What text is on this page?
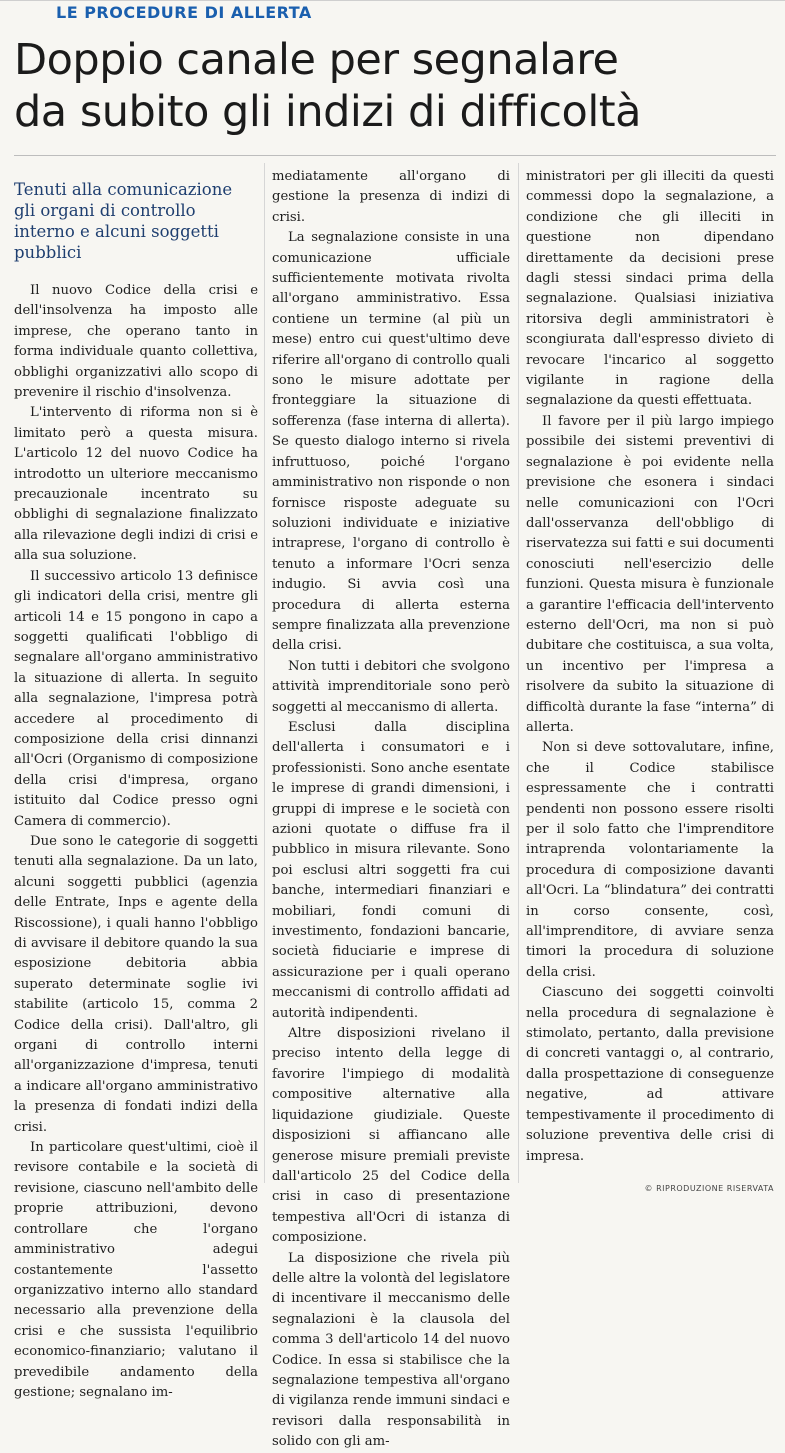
LE PROCEDURE DI ALLERTA
Doppio canale per segnalare
da subito gli indizi di difficoltà
Tenuti alla comunicazione gli organi di controllo interno e alcuni soggetti pubblici

Il nuovo Codice della crisi e dell'insolvenza ha imposto alle imprese, che operano tanto in forma individuale quanto collettiva, obblighi organizzativi allo scopo di prevenire il rischio d'insolvenza.

L'intervento di riforma non si è limitato però a questa misura. L'articolo 12 del nuovo Codice ha introdotto un ulteriore meccanismo precauzionale incentrato su obblighi di segnalazione finalizzato alla rilevazione degli indizi di crisi e alla sua soluzione.

Il successivo articolo 13 definisce gli indicatori della crisi, mentre gli articoli 14 e 15 pongono in capo a soggetti qualificati l'obbligo di segnalare all'organo amministrativo la situazione di allerta. In seguito alla segnalazione, l'impresa potrà accedere al procedimento di composizione della crisi dinnanzi all'Ocri (Organismo di composizione della crisi d'impresa, organo istituito dal Codice presso ogni Camera di commercio).

Due sono le categorie di soggetti tenuti alla segnalazione. Da un lato, alcuni soggetti pubblici (agenzia delle Entrate, Inps e agente della Riscossione), i quali hanno l'obbligo di avvisare il debitore quando la sua esposizione debitoria abbia superato determinate soglie ivi stabilite (articolo 15, comma 2 Codice della crisi). Dall'altro, gli organi di controllo interni all'organizzazione d'impresa, tenuti a indicare all'organo amministrativo la presenza di fondati indizi della crisi.

In particolare quest'ultimi, cioè il revisore contabile e la società di revisione, ciascuno nell'ambito delle proprie attribuzioni, devono controllare che l'organo amministrativo adegui costantemente l'assetto organizzativo interno allo standard necessario alla prevenzione della crisi e che sussista l'equilibrio economico-finanziario; valutano il prevedibile andamento della gestione; segnalano im-

mediatamente all'organo di gestione la presenza di indizi di crisi.

La segnalazione consiste in una comunicazione ufficiale sufficientemente motivata rivolta all'organo amministrativo. Essa contiene un termine (al più un mese) entro cui quest'ultimo deve riferire all'organo di controllo quali sono le misure adottate per fronteggiare la situazione di sofferenza (fase interna di allerta). Se questo dialogo interno si rivela infruttuoso, poiché l'organo amministrativo non risponde o non fornisce risposte adeguate su soluzioni individuate e iniziative intraprese, l'organo di controllo è tenuto a informare l'Ocri senza indugio. Si avvia così una procedura di allerta esterna sempre finalizzata alla prevenzione della crisi.

Non tutti i debitori che svolgono attività imprenditoriale sono però soggetti al meccanismo di allerta.

Esclusi dalla disciplina dell'allerta i consumatori e i professionisti. Sono anche esentate le imprese di grandi dimensioni, i gruppi di imprese e le società con azioni quotate o diffuse fra il pubblico in misura rilevante. Sono poi esclusi altri soggetti fra cui banche, intermediari finanziari e mobiliari, fondi comuni di investimento, fondazioni bancarie, società fiduciarie e imprese di assicurazione per i quali operano meccanismi di controllo affidati ad autorità indipendenti.

Altre disposizioni rivelano il preciso intento della legge di favorire l'impiego di modalità compositive alternative alla liquidazione giudiziale. Queste disposizioni si affiancano alle generose misure premiali previste dall'articolo 25 del Codice della crisi in caso di presentazione tempestiva all'Ocri di istanza di composizione.

La disposizione che rivela più delle altre la volontà del legislatore di incentivare il meccanismo delle segnalazioni è la clausola del comma 3 dell'articolo 14 del nuovo Codice. In essa si stabilisce che la segnalazione tempestiva all'organo di vigilanza rende immuni sindaci e revisori dalla responsabilità in solido con gli am-

ministratori per gli illeciti da questi commessi dopo la segnalazione, a condizione che gli illeciti in questione non dipendano direttamente da decisioni prese dagli stessi sindaci prima della segnalazione. Qualsiasi iniziativa ritorsiva degli amministratori è scongiurata dall'espresso divieto di revocare l'incarico al soggetto vigilante in ragione della segnalazione da questi effettuata.

Il favore per il più largo impiego possibile dei sistemi preventivi di segnalazione è poi evidente nella previsione che esonera i sindaci nelle comunicazioni con l'Ocri dall'osservanza dell'obbligo di riservatezza sui fatti e sui documenti conosciuti nell'esercizio delle funzioni. Questa misura è funzionale a garantire l'efficacia dell'intervento esterno dell'Ocri, ma non si può dubitare che costituisca, a sua volta, un incentivo per l'impresa a risolvere da subito la situazione di difficoltà durante la fase “interna” di allerta.

Non si deve sottovalutare, infine, che il Codice stabilisce espressamente che i contratti pendenti non possono essere risolti per il solo fatto che l'imprenditore intraprenda volontariamente la procedura di composizione davanti all'Ocri. La “blindatura” dei contratti in corso consente, così, all'imprenditore, di avviare senza timori la procedura di soluzione della crisi.

Ciascuno dei soggetti coinvolti nella procedura di segnalazione è stimolato, pertanto, dalla previsione di concreti vantaggi o, al contrario, dalla prospettazione di conseguenze negative, ad attivare tempestivamente il procedimento di soluzione preventiva delle crisi di impresa.

© RIPRODUZIONE RISERVATA
